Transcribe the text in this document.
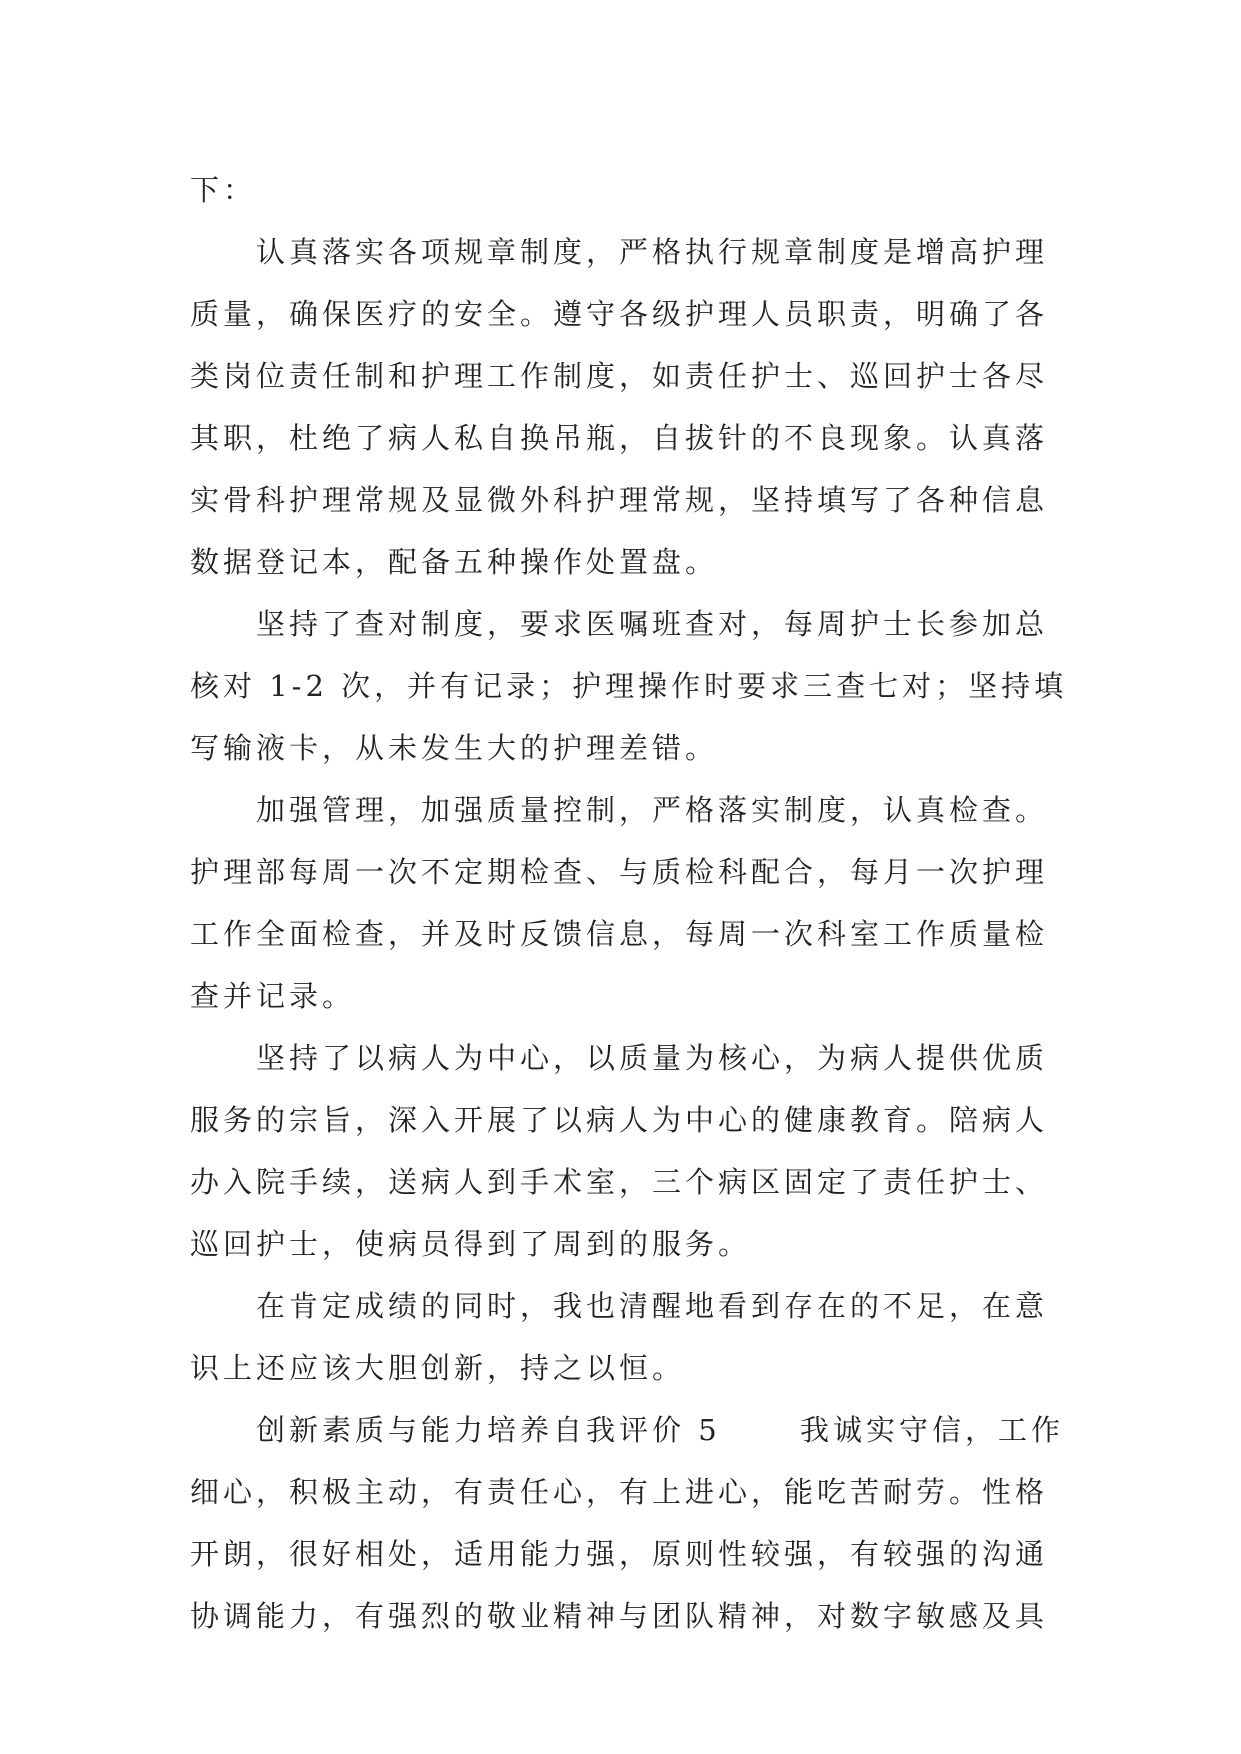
下：
认真落实各项规章制度，严格执行规章制度是增高护理
质量，确保医疗的安全。遵守各级护理人员职责，明确了各
类岗位责任制和护理工作制度，如责任护士、巡回护士各尽
其职，杜绝了病人私自换吊瓶，自拔针的不良现象。认真落
实骨科护理常规及显微外科护理常规，坚持填写了各种信息
数据登记本，配备五种操作处置盘。
坚持了查对制度，要求医嘱班查对，每周护士长参加总
核对 1-2 次，并有记录；护理操作时要求三查七对；坚持填
写输液卡，从未发生大的护理差错。
加强管理，加强质量控制，严格落实制度，认真检查。
护理部每周一次不定期检查、与质检科配合，每月一次护理
工作全面检查，并及时反馈信息，每周一次科室工作质量检
查并记录。
坚持了以病人为中心，以质量为核心，为病人提供优质
服务的宗旨，深入开展了以病人为中心的健康教育。陪病人
办入院手续，送病人到手术室，三个病区固定了责任护士、
巡回护士，使病员得到了周到的服务。
在肯定成绩的同时，我也清醒地看到存在的不足，在意
识上还应该大胆创新，持之以恒。
创新素质与能力培养自我评价 5      我诚实守信，工作
细心，积极主动，有责任心，有上进心，能吃苦耐劳。性格
开朗，很好相处，适用能力强，原则性较强，有较强的沟通
协调能力，有强烈的敬业精神与团队精神，对数字敏感及具
